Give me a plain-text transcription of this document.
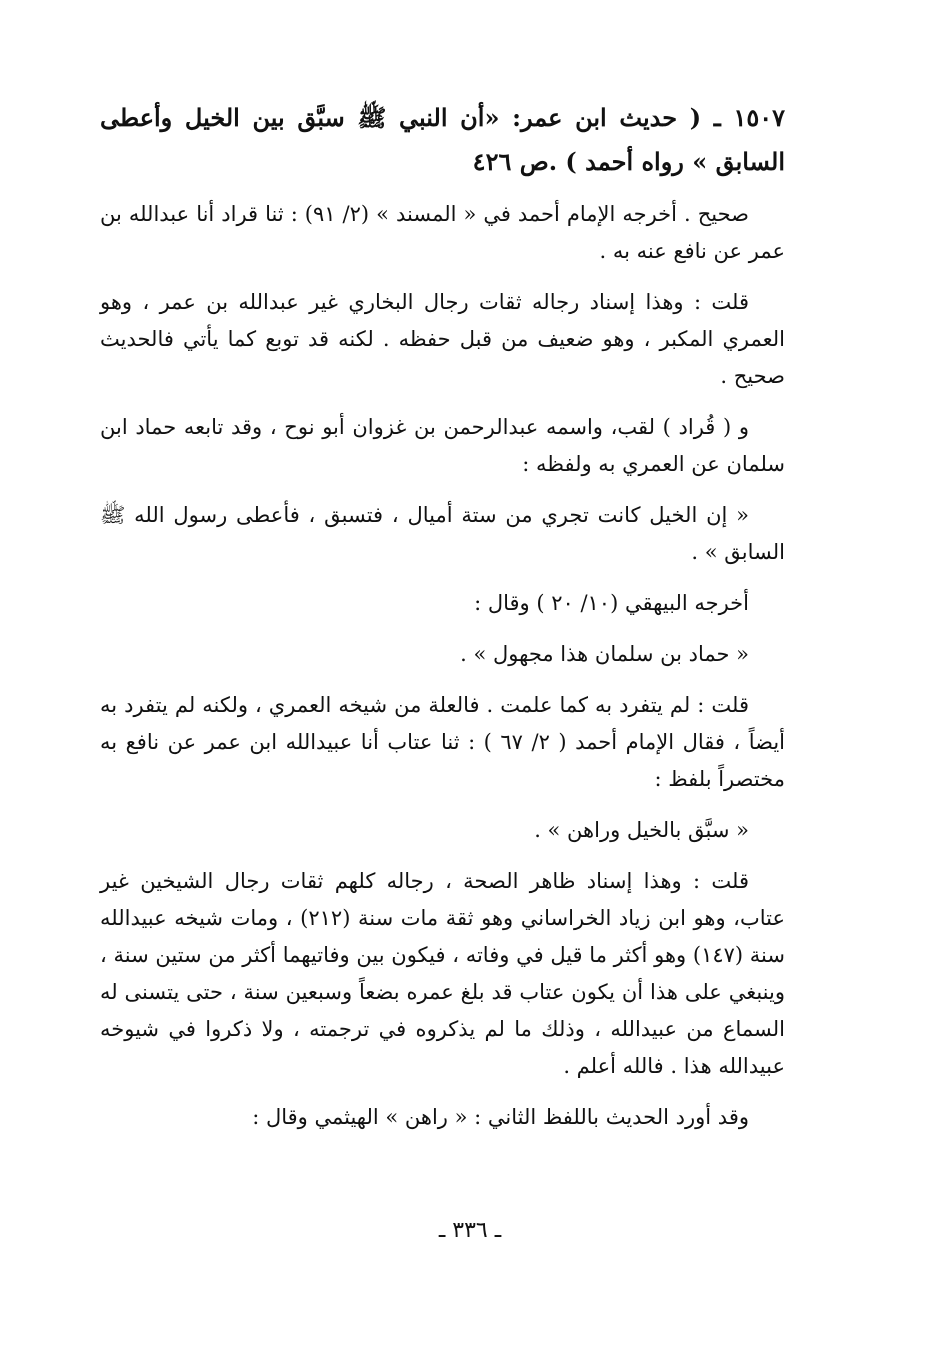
١٥٠٧ ـ ( حديث ابن عمر: «أن النبي ﷺ سبَّق بين الخيل وأعطى السابق » رواه أحمد ) .ص ٤٢٦

صحيح . أخرجه الإمام أحمد في « المسند » (٢/ ٩١) : ثنا قراد أنا عبدالله بن عمر عن نافع عنه به .

قلت : وهذا إسناد رجاله ثقات رجال البخاري غير عبدالله بن عمر ، وهو العمري المكبر ، وهو ضعيف من قبل حفظه . لكنه قد توبع كما يأتي فالحديث صحيح .

و ( قُراد ) لقب، واسمه عبدالرحمن بن غزوان أبو نوح ، وقد تابعه حماد ابن سلمان عن العمري به ولفظه :

« إن الخيل كانت تجري من ستة أميال ، فتسبق ، فأعطى رسول الله ﷺ السابق » .

أخرجه البيهقي (١٠/ ٢٠ ) وقال :

« حماد بن سلمان هذا مجهول » .

قلت : لم يتفرد به كما علمت . فالعلة من شيخه العمري ، ولكنه لم يتفرد به أيضاً ، فقال الإمام أحمد ( ٢/ ٦٧ ) : ثنا عتاب أنا عبيدالله ابن عمر عن نافع به مختصراً بلفظ :

« سبَّق بالخيل وراهن » .

قلت : وهذا إسناد ظاهر الصحة ، رجاله كلهم ثقات رجال الشيخين غير عتاب، وهو ابن زياد الخراساني وهو ثقة مات سنة (٢١٢) ، ومات شيخه عبيدالله سنة (١٤٧) وهو أكثر ما قيل في وفاته ، فيكون بين وفاتيهما أكثر من ستين سنة ، وينبغي على هذا أن يكون عتاب قد بلغ عمره بضعاً وسبعين سنة ، حتى يتسنى له السماع من عبيدالله ، وذلك ما لم يذكروه في ترجمته ، ولا ذكروا في شيوخه عبيدالله هذا . فالله أعلم .

وقد أورد الحديث باللفظ الثاني : « راهن » الهيثمي وقال :

ـ ٣٣٦ ـ
